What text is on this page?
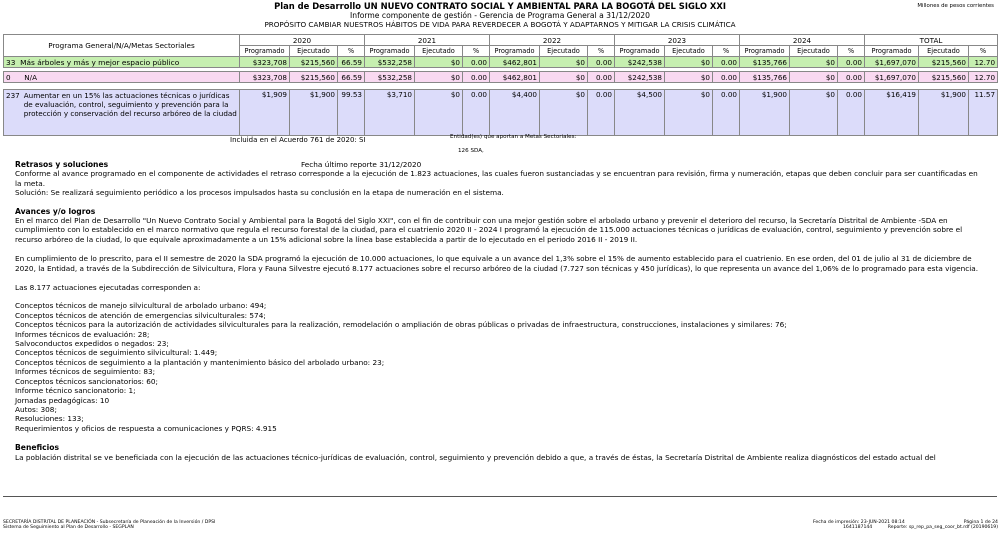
Plan de Desarrollo UN NUEVO CONTRATO SOCIAL Y AMBIENTAL PARA LA BOGOTÁ DEL SIGLO XXI
Informe componente de gestión - Gerencia de Programa General a 31/12/2020
PROPÓSITO CAMBIAR NUESTROS HÁBITOS DE VIDA PARA REVERDECER A BOGOTÁ Y ADAPTARNOS Y MITIGAR LA CRISIS CLIMÁTICA
Millones de pesos corrientes
Programa General/N/A/Metas Sectoriales	2020			2021			2022			2023			2024			TOTAL		
	Programado	Ejecutado	%	Programado	Ejecutado	%	Programado	Ejecutado	%	Programado	Ejecutado	%	Programado	Ejecutado	%	Programado	Ejecutado	%
33 Más árboles y más y mejor espacio público	$323,708	$215,560	66.59	$532,258	$0	0.00	$462,801	$0	0.00	$242,538	$0	0.00	$135,766	$0	0.00	$1,697,070	$215,560	12.70

0 N/A	$323,708	$215,560	66.59	$532,258	$0	0.00	$462,801	$0	0.00	$242,538	$0	0.00	$135,766	$0	0.00	$1,697,070	$215,560	12.70

237 Aumentar en un 15% las actuaciones técnicas o jurídicas de evaluación, control, seguimiento y prevención para la protección y conservación del recurso arbóreo de la ciudad	$1,909	$1,900	99.53	$3,710	$0	0.00	$4,400	$0	0.00	$4,500	$0	0.00	$1,900	$0	0.00	$16,419	$1,900	11.57
Incluida en el Acuerdo 761 de 2020: SI	Entidad(es) que aportan a Metas Sectoriales:
126 SDA,
Retrasos y soluciones	Fecha último reporte 31/12/2020

Conforme al avance programado en el componente de actividades el retraso corresponde a la ejecución de 1.823 actuaciones, las cuales fueron sustanciadas y se encuentran para revisión, firma y numeración, etapas que deben concluir para ser cuantificadas en la meta.

Solución: Se realizará seguimiento periódico a los procesos impulsados hasta su conclusión en la etapa de numeración en el sistema.

Avances y/o logros

En el marco del Plan de Desarrollo "Un Nuevo Contrato Social y Ambiental para la Bogotá del Siglo XXI", con el fin de contribuir con una mejor gestión sobre el arbolado urbano y prevenir el deterioro del recurso, la Secretaría Distrital de Ambiente -SDA en cumplimiento con lo establecido en el marco normativo que regula el recurso forestal de la ciudad, para el cuatrienio 2020 II - 2024 I programó la ejecución de 115.000 actuaciones técnicas o jurídicas de evaluación, control, seguimiento y prevención sobre el recurso arbóreo de la ciudad, lo que equivale aproximadamente a un 15% adicional sobre la línea base establecida a partir de lo ejecutado en el periodo 2016 II - 2019 II.

En cumplimiento de lo prescrito, para el II semestre de 2020 la SDA programó la ejecución de 10.000 actuaciones, lo que equivale a un avance del 1,3% sobre el 15% de aumento establecido para el cuatrienio. En ese orden, del 01 de julio al 31 de diciembre de 2020, la Entidad, a través de la Subdirección de Silvicultura, Flora y Fauna Silvestre ejecutó 8.177 actuaciones sobre el recurso arbóreo de la ciudad (7.727 son técnicas y 450 jurídicas), lo que representa un avance del 1,06% de lo programado para esta vigencia.

Las 8.177 actuaciones ejecutadas corresponden a:

Conceptos técnicos de manejo silvicultural de arbolado urbano: 494;

Conceptos técnicos de atención de emergencias silviculturales: 574;

Conceptos técnicos para la autorización de actividades silviculturales para la realización, remodelación o ampliación de obras públicas o privadas de infraestructura, construcciones, instalaciones y similares: 76;

Informes técnicos de evaluación: 28;

Salvoconductos expedidos o negados: 23;

Conceptos técnicos de seguimiento silvicultural: 1.449;

Conceptos técnicos de seguimiento a la plantación y mantenimiento básico del arbolado urbano: 23;

Informes técnicos de seguimiento: 83;

Conceptos técnicos sancionatorios: 60;

Informe técnico sancionatorio: 1;

Jornadas pedagógicas: 10

Autos: 308;

Resoluciones: 133;

Requerimientos y oficios de respuesta a comunicaciones y PQRS: 4.915

Beneficios

La población distrital se ve beneficiada con la ejecución de las actuaciones técnico-jurídicas de evaluación, control, seguimiento y prevención debido a que, a través de éstas, la Secretaría Distrital de Ambiente realiza diagnósticos del estado actual del

SECRETARÍA DISTRITAL DE PLANEACIÓN - Subsecretaría de Planeación de la Inversión / DPSI
Sistema de Seguimiento al Plan de Desarrollo - SEGPLAN
Fecha de impresión: 23-JUN-2021 08:14	Página 1 de 24
1641187144	Reporte: sp_rep_pa_seg_coor_bt.rdf (20190619)
